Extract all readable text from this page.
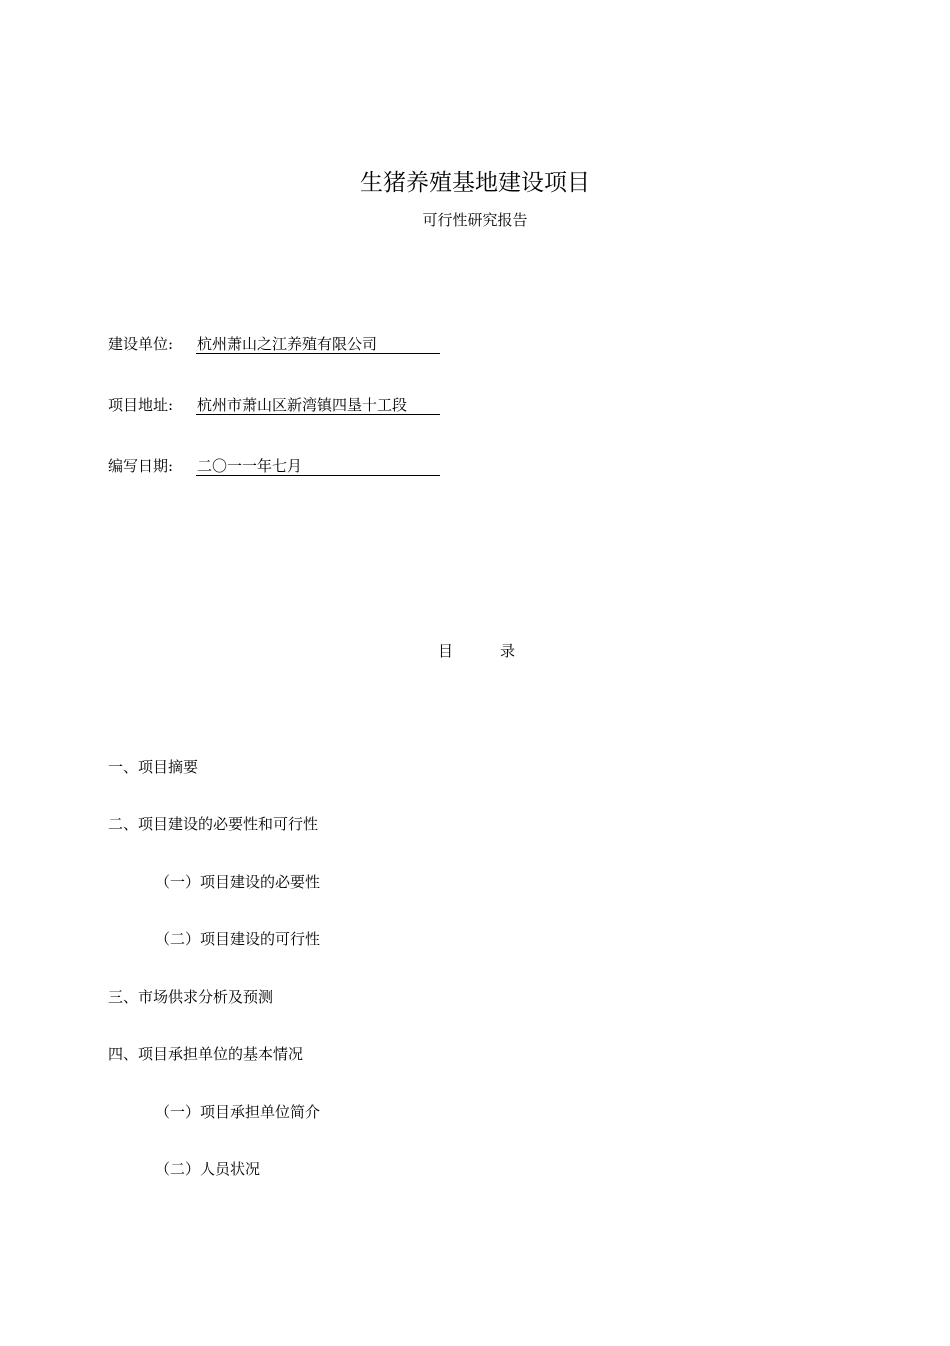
生猪养殖基地建设项目
可行性研究报告
建设单位: 杭州萧山之江养殖有限公司
项目地址: 杭州市萧山区新湾镇四垦十工段
编写日期: 二〇一一年七月
目	录
一、项目摘要
二、项目建设的必要性和可行性
（一）项目建设的必要性
（二）项目建设的可行性
三、市场供求分析及预测
四、项目承担单位的基本情况
（一）项目承担单位简介
（二）人员状况
